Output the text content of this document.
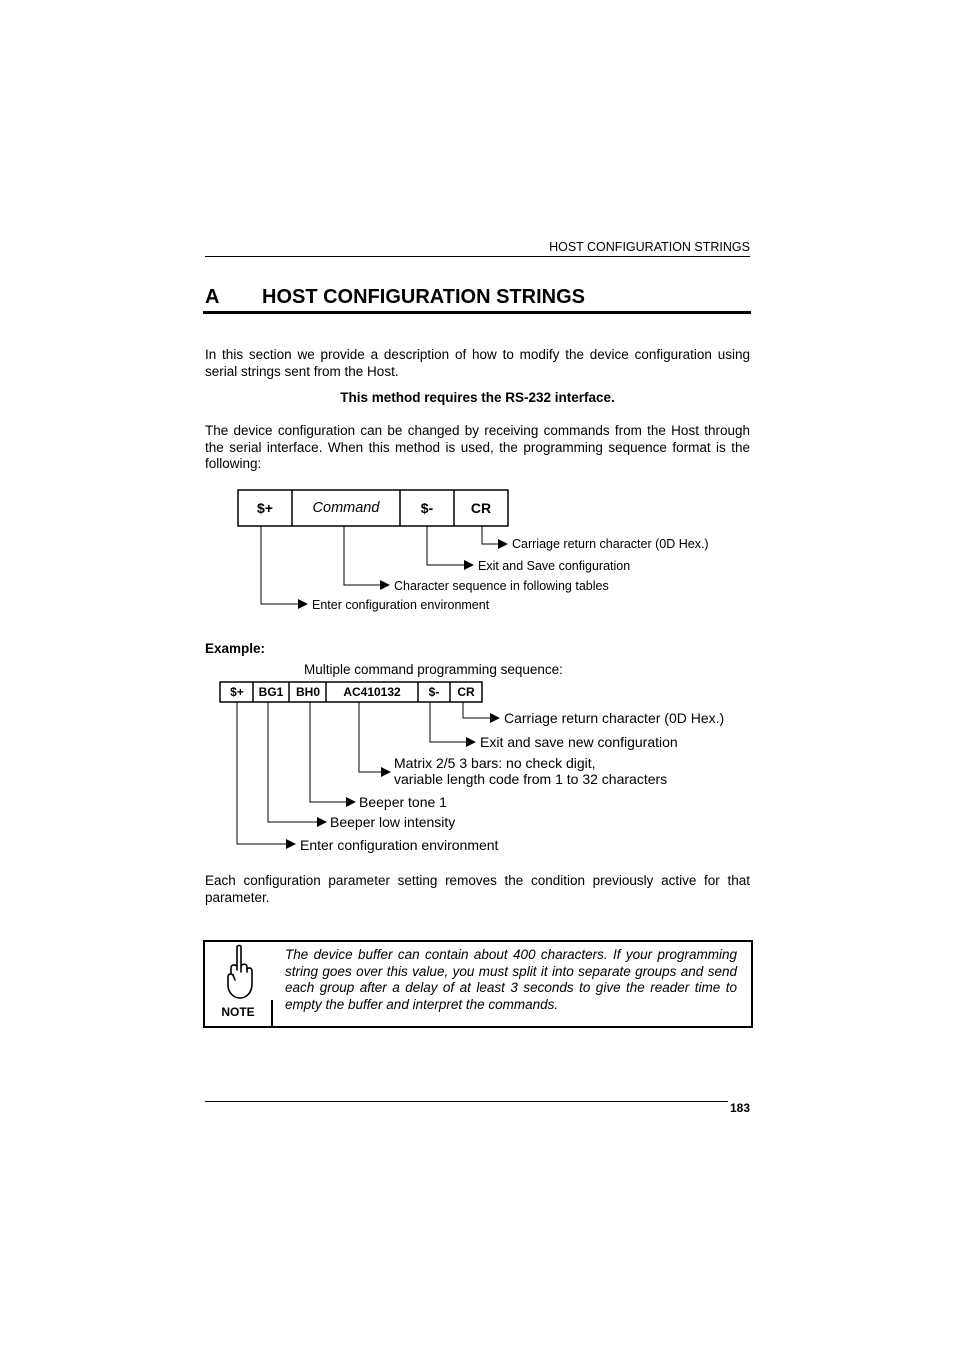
HOST CONFIGURATION STRINGS
A HOST CONFIGURATION STRINGS
In this section we provide a description of how to modify the device configuration using serial strings sent from the Host.
This method requires the RS-232 interface.
The device configuration can be changed by receiving commands from the Host through the serial interface. When this method is used, the programming sequence format is the following:
$+	Command	$-	CR
Carriage return character (0D Hex.)
Exit and Save configuration
Character sequence in following tables
Enter configuration environment
$+ BG1 BH0 AC410132 $- CR
Carriage return character (0D Hex.)
Exit and save new configuration
Matrix 2/5 3 bars: no check digit,
variable length code from 1 to 32 characters
Beeper tone 1
Beeper low intensity
Enter configuration environment
Example:
Multiple command programming sequence:
Each configuration parameter setting removes the condition previously active for that parameter.
NOTE
The device buffer can contain about 400 characters. If your programming string goes over this value, you must split it into separate groups and send each group after a delay of at least 3 seconds to give the reader time to empty the buffer and interpret the commands.
183
